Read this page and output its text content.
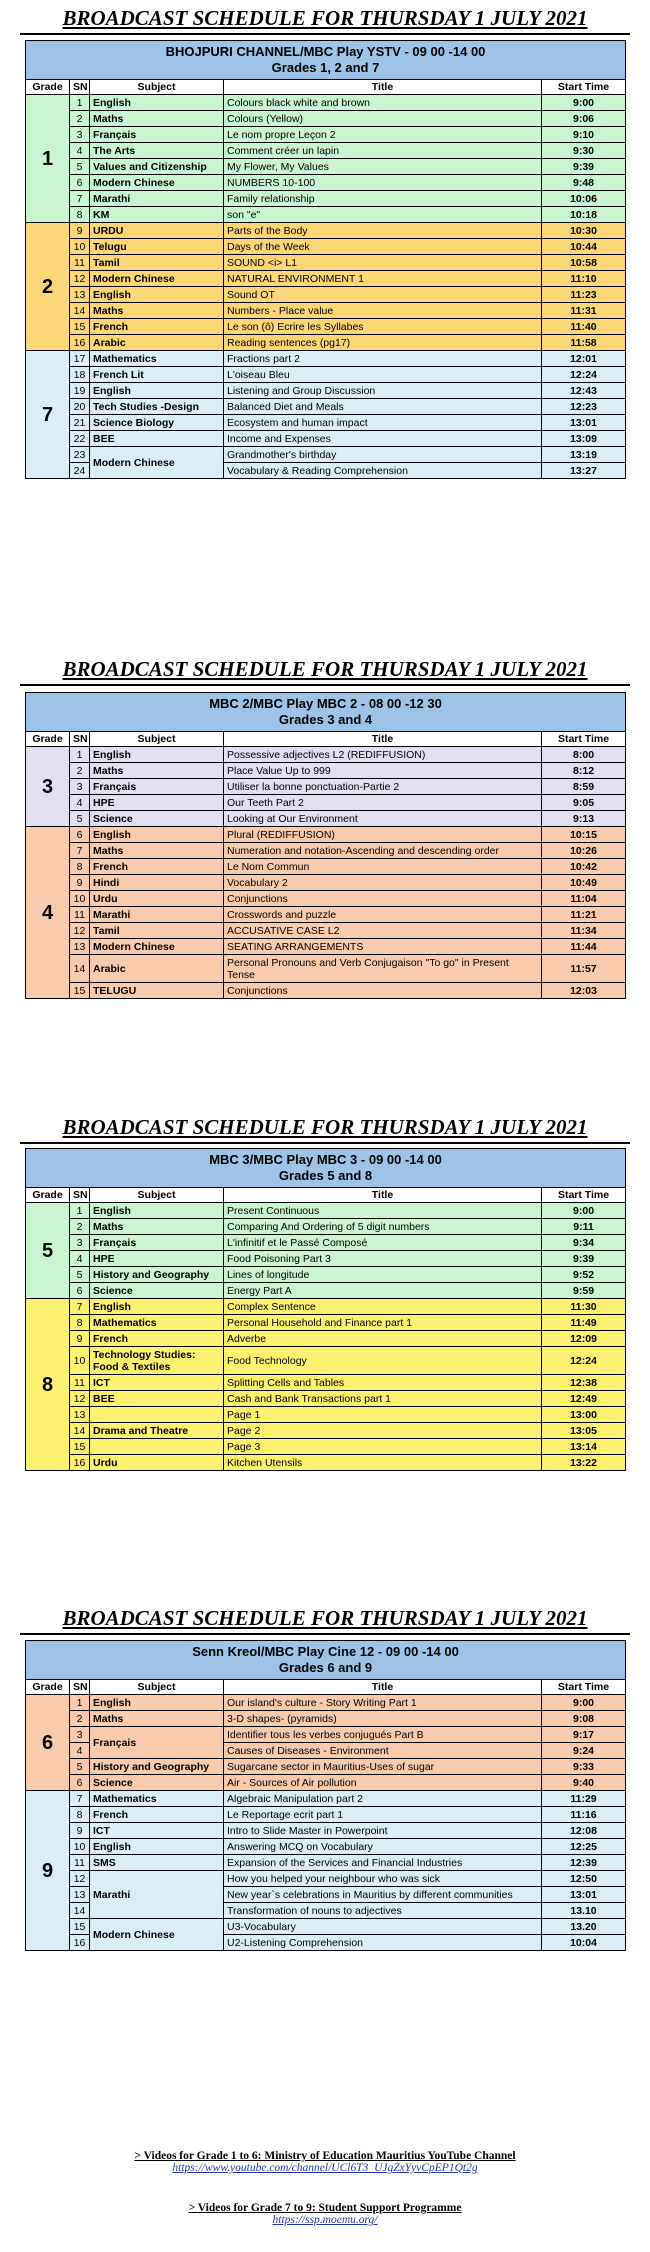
BROADCAST SCHEDULE FOR THURSDAY 1 JULY 2021
BHOJPURI CHANNEL/MBC Play YSTV - 09 00 -14 00
Grades 1, 2 and 7				

Grade	SN	Subject	Title	Start Time
1	1	English	Colours black white and brown	9:00
	2	Maths	Colours (Yellow)	9:06
	3	Français	Le nom propre Leçon 2	9:10
	4	The Arts	Comment créer un lapin	9:30
	5	Values and Citizenship	My Flower, My Values	9:39
	6	Modern Chinese	NUMBERS 10-100	9:48
	7	Marathi	Family relationship	10:06
	8	KM	son "e"	10:18
2	9	URDU	Parts of the Body	10:30
	10	Telugu	Days of the Week	10:44
	11	Tamil	SOUND <i> L1	10:58
	12	Modern Chinese	NATURAL ENVIRONMENT 1	11:10
	13	English	Sound OT	11:23
	14	Maths	Numbers - Place value	11:31
	15	French	Le son (ô) Ecrire les Syllabes	11:40
	16	Arabic	Reading sentences (pg17)	11:58
7	17	Mathematics	Fractions part 2	12:01
	18	French Lit	L'oiseau Bleu	12:24
	19	English	Listening and Group Discussion	12:43
	20	Tech Studies -Design	Balanced Diet and Meals	12:23
	21	Science Biology	Ecosystem and human impact	13:01
	22	BEE	Income and Expenses	13:09
	23	Modern Chinese	Grandmother's birthday	13:19
	24		Vocabulary & Reading Comprehension	13:27
BROADCAST SCHEDULE FOR THURSDAY 1 JULY 2021
MBC 2/MBC Play MBC 2 - 08 00 -12 30
Grades 3 and 4				

Grade	SN	Subject	Title	Start Time
3	1	English	Possessive adjectives L2 (REDIFFUSION)	8:00
	2	Maths	Place Value Up to 999	8:12
	3	Français	Utiliser la bonne ponctuation-Partie 2	8:59
	4	HPE	Our Teeth Part 2	9:05
	5	Science	Looking at Our Environment	9:13
4	6	English	Plural (REDIFFUSION)	10:15
	7	Maths	Numeration and notation-Ascending and descending order	10:26
	8	French	Le Nom Commun	10:42
	9	Hindi	Vocabulary 2	10:49
	10	Urdu	Conjunctions	11:04
	11	Marathi	Crosswords and puzzle	11:21
	12	Tamil	ACCUSATIVE CASE L2	11:34
	13	Modern Chinese	SEATING ARRANGEMENTS	11:44
	14	Arabic	Personal Pronouns and Verb Conjugaison "To go" in Present Tense	11:57
	15	TELUGU	Conjunctions	12:03
BROADCAST SCHEDULE FOR THURSDAY 1 JULY 2021
MBC 3/MBC Play MBC 3 - 09 00 -14 00
Grades 5 and 8				

Grade	SN	Subject	Title	Start Time
5	1	English	Present Continuous	9:00
	2	Maths	Comparing And Ordering of 5 digit numbers	9:11
	3	Français	L'infinitif et le Passé Composé	9:34
	4	HPE	Food Poisoning Part 3	9:39
	5	History and Geography	Lines of longitude	9:52
	6	Science	Energy Part A	9:59
8	7	English	Complex Sentence	11:30
	8	Mathematics	Personal Household and Finance part 1	11:49
	9	French	Adverbe	12:09
	10	Technology Studies: Food & Textiles	Food Technology	12:24
	11	ICT	Splitting Cells and Tables	12:38
	12	BEE	Cash and Bank Transactions part 1	12:49
	13		Page 1	13:00
	14	Drama and Theatre	Page 2	13:05
	15		Page 3	13:14
	16	Urdu	Kitchen Utensils	13:22
BROADCAST SCHEDULE FOR THURSDAY 1 JULY 2021
Senn Kreol/MBC Play Cine 12 - 09 00 -14 00
Grades 6 and 9				

Grade	SN	Subject	Title	Start Time
6	1	English	Our island's culture - Story Writing Part 1	9:00
	2	Maths	3-D shapes- (pyramids)	9:08
	3	Français	Identifier tous les verbes conjugués Part B	9:17
	4		Causes of Diseases - Environment	9:24
	5	History and Geography	Sugarcane sector in Mauritius-Uses of sugar	9:33
	6	Science	Air - Sources of Air pollution	9:40
9	7	Mathematics	Algebraic Manipulation part 2	11:29
	8	French	Le Reportage ecrit part 1	11:16
	9	ICT	Intro to Slide Master in Powerpoint	12:08
	10	English	Answering MCQ on Vocabulary	12:25
	11	SMS	Expansion of the Services and Financial Industries	12:39
	12	Marathi	How you helped your neighbour who was sick	12:50
	13		New year`s celebrations in Mauritius by different communities	13:01
	14		Transformation of nouns to adjectives	13.10
	15	Modern Chinese	U3-Vocabulary	13.20
	16		U2-Listening Comprehension	10:04
> Videos for Grade 1 to 6: Ministry of Education Mauritius YouTube Channel
https://www.youtube.com/channel/UCl6T3_UJgZxYyvCpEP1Qt2g
> Videos for Grade 7 to 9: Student Support Programme
https://ssp.moemu.org/
